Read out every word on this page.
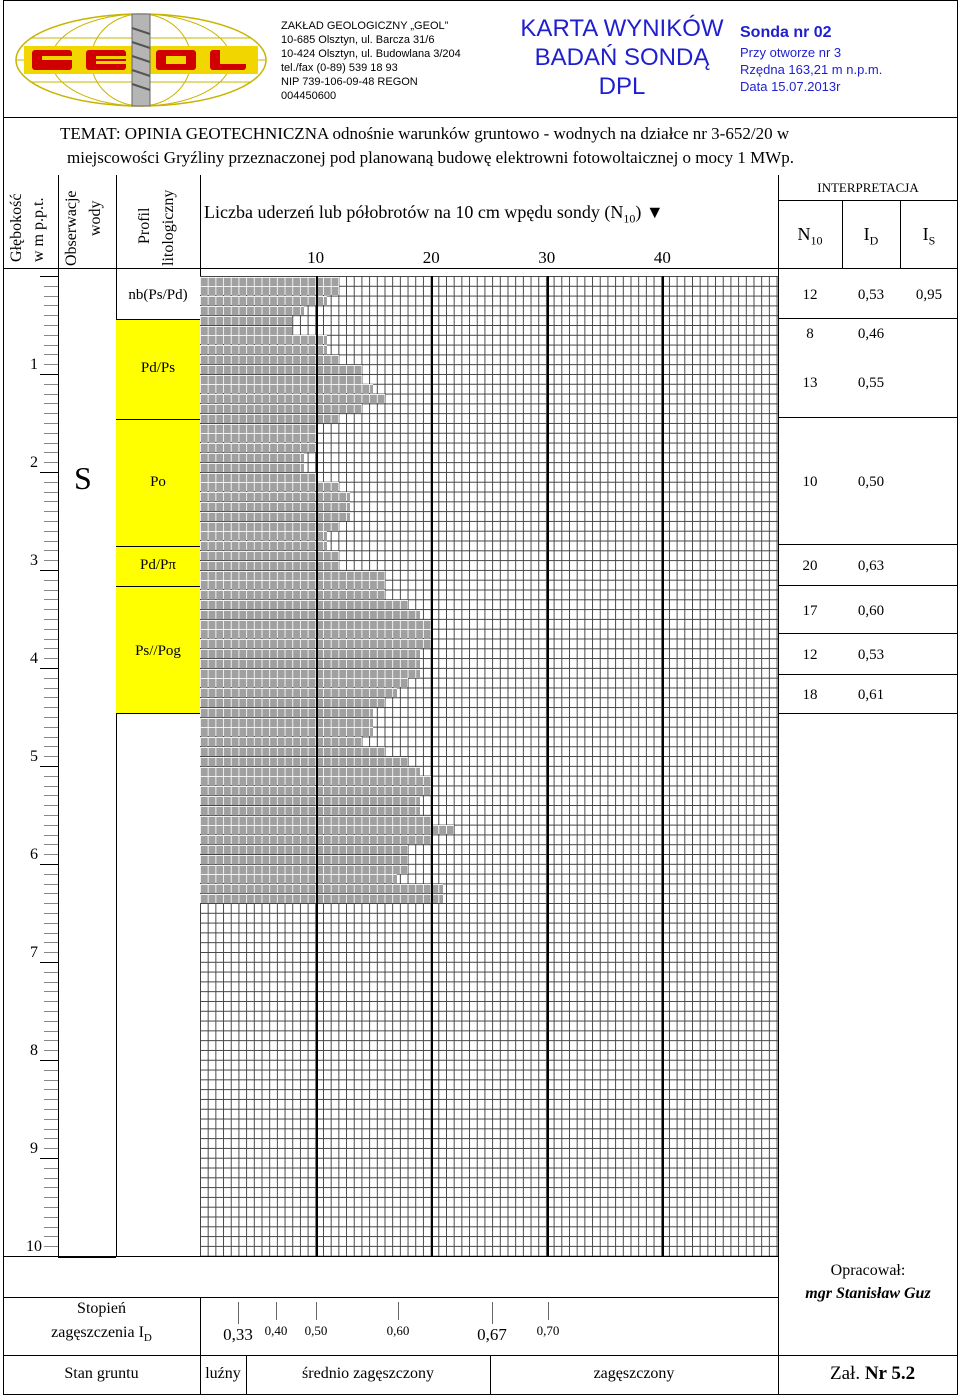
ZAKŁAD GEOLOGICZNY „GEOL”
10-685 Olsztyn, ul. Barcza 31/6
10-424 Olsztyn, ul. Budowlana 3/204
tel./fax (0-89) 539 18 93
NIP 739-106-09-48 REGON
004450600
KARTA WYNIKÓW
BADAŃ SONDĄ
DPL
Sonda nr 02
Przy otworze nr 3
Rzędna 163,21 m n.p.m.
Data 15.07.2013r
TEMAT: OPINIA GEOTECHNICZNA odnośnie warunków gruntowo - wodnych na działce nr 3-652/20 w
miejscowości Gryźliny przeznaczonej pod planowaną budowę elektrowni fotowoltaicznej o mocy 1 MWp.
Głębokość w m p.p.t. Obserwacje wody Profil litologiczny Liczba uderzeń lub półobrotów na 10 cm wpędu sondy $(N_{10})$ ▼
INTERPRETACJA
$N_{10}$	$I_D$	$I_S$
10	20	30	40
1
2
3
4
5
6
7
8
9
10
S
nb(Ps/Pd)
Pd/Ps
Po
Pd/Pπ
Ps//Pog
12	0,53	0,95
8	0,46
13	0,55
10	0,50
20	0,63
17	0,60
12	0,53
18	0,61
Stopień
zagęszczenia $I_D$	0,33 0,40	0,50	0,60	0,67	0,70
Stan gruntu	luźny	średnio zagęszczony	zagęszczony
Opracował:
mgr Stanisław Guz
Zał. Nr 5.2
